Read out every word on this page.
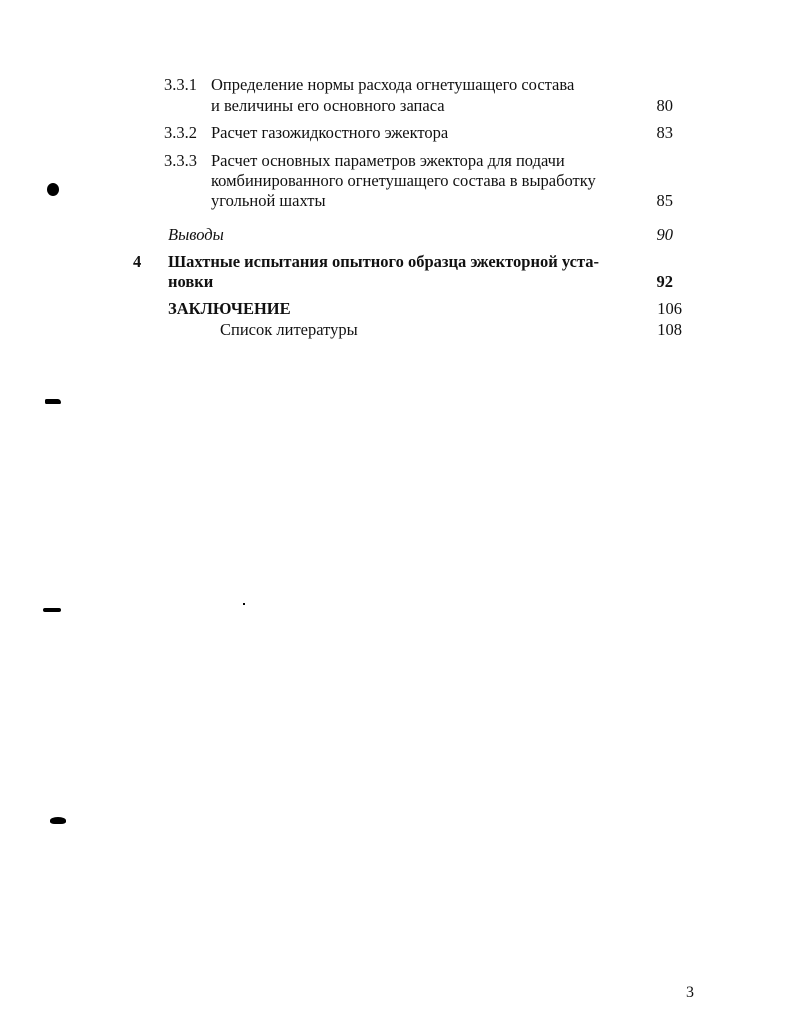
3.3.1 Определение нормы расхода огнетушащего состава
и величины его основного запаса	80
3.3.2 Расчет газожидкостного эжектора	83
3.3.3 Расчет основных параметров эжектора для подачи
комбинированного огнетушащего состава в выработку
угольной шахты	85
Выводы	90
4 Шахтные испытания опытного образца эжекторной уста-
новки	92
ЗАКЛЮЧЕНИЕ	106
Список литературы	108
3
